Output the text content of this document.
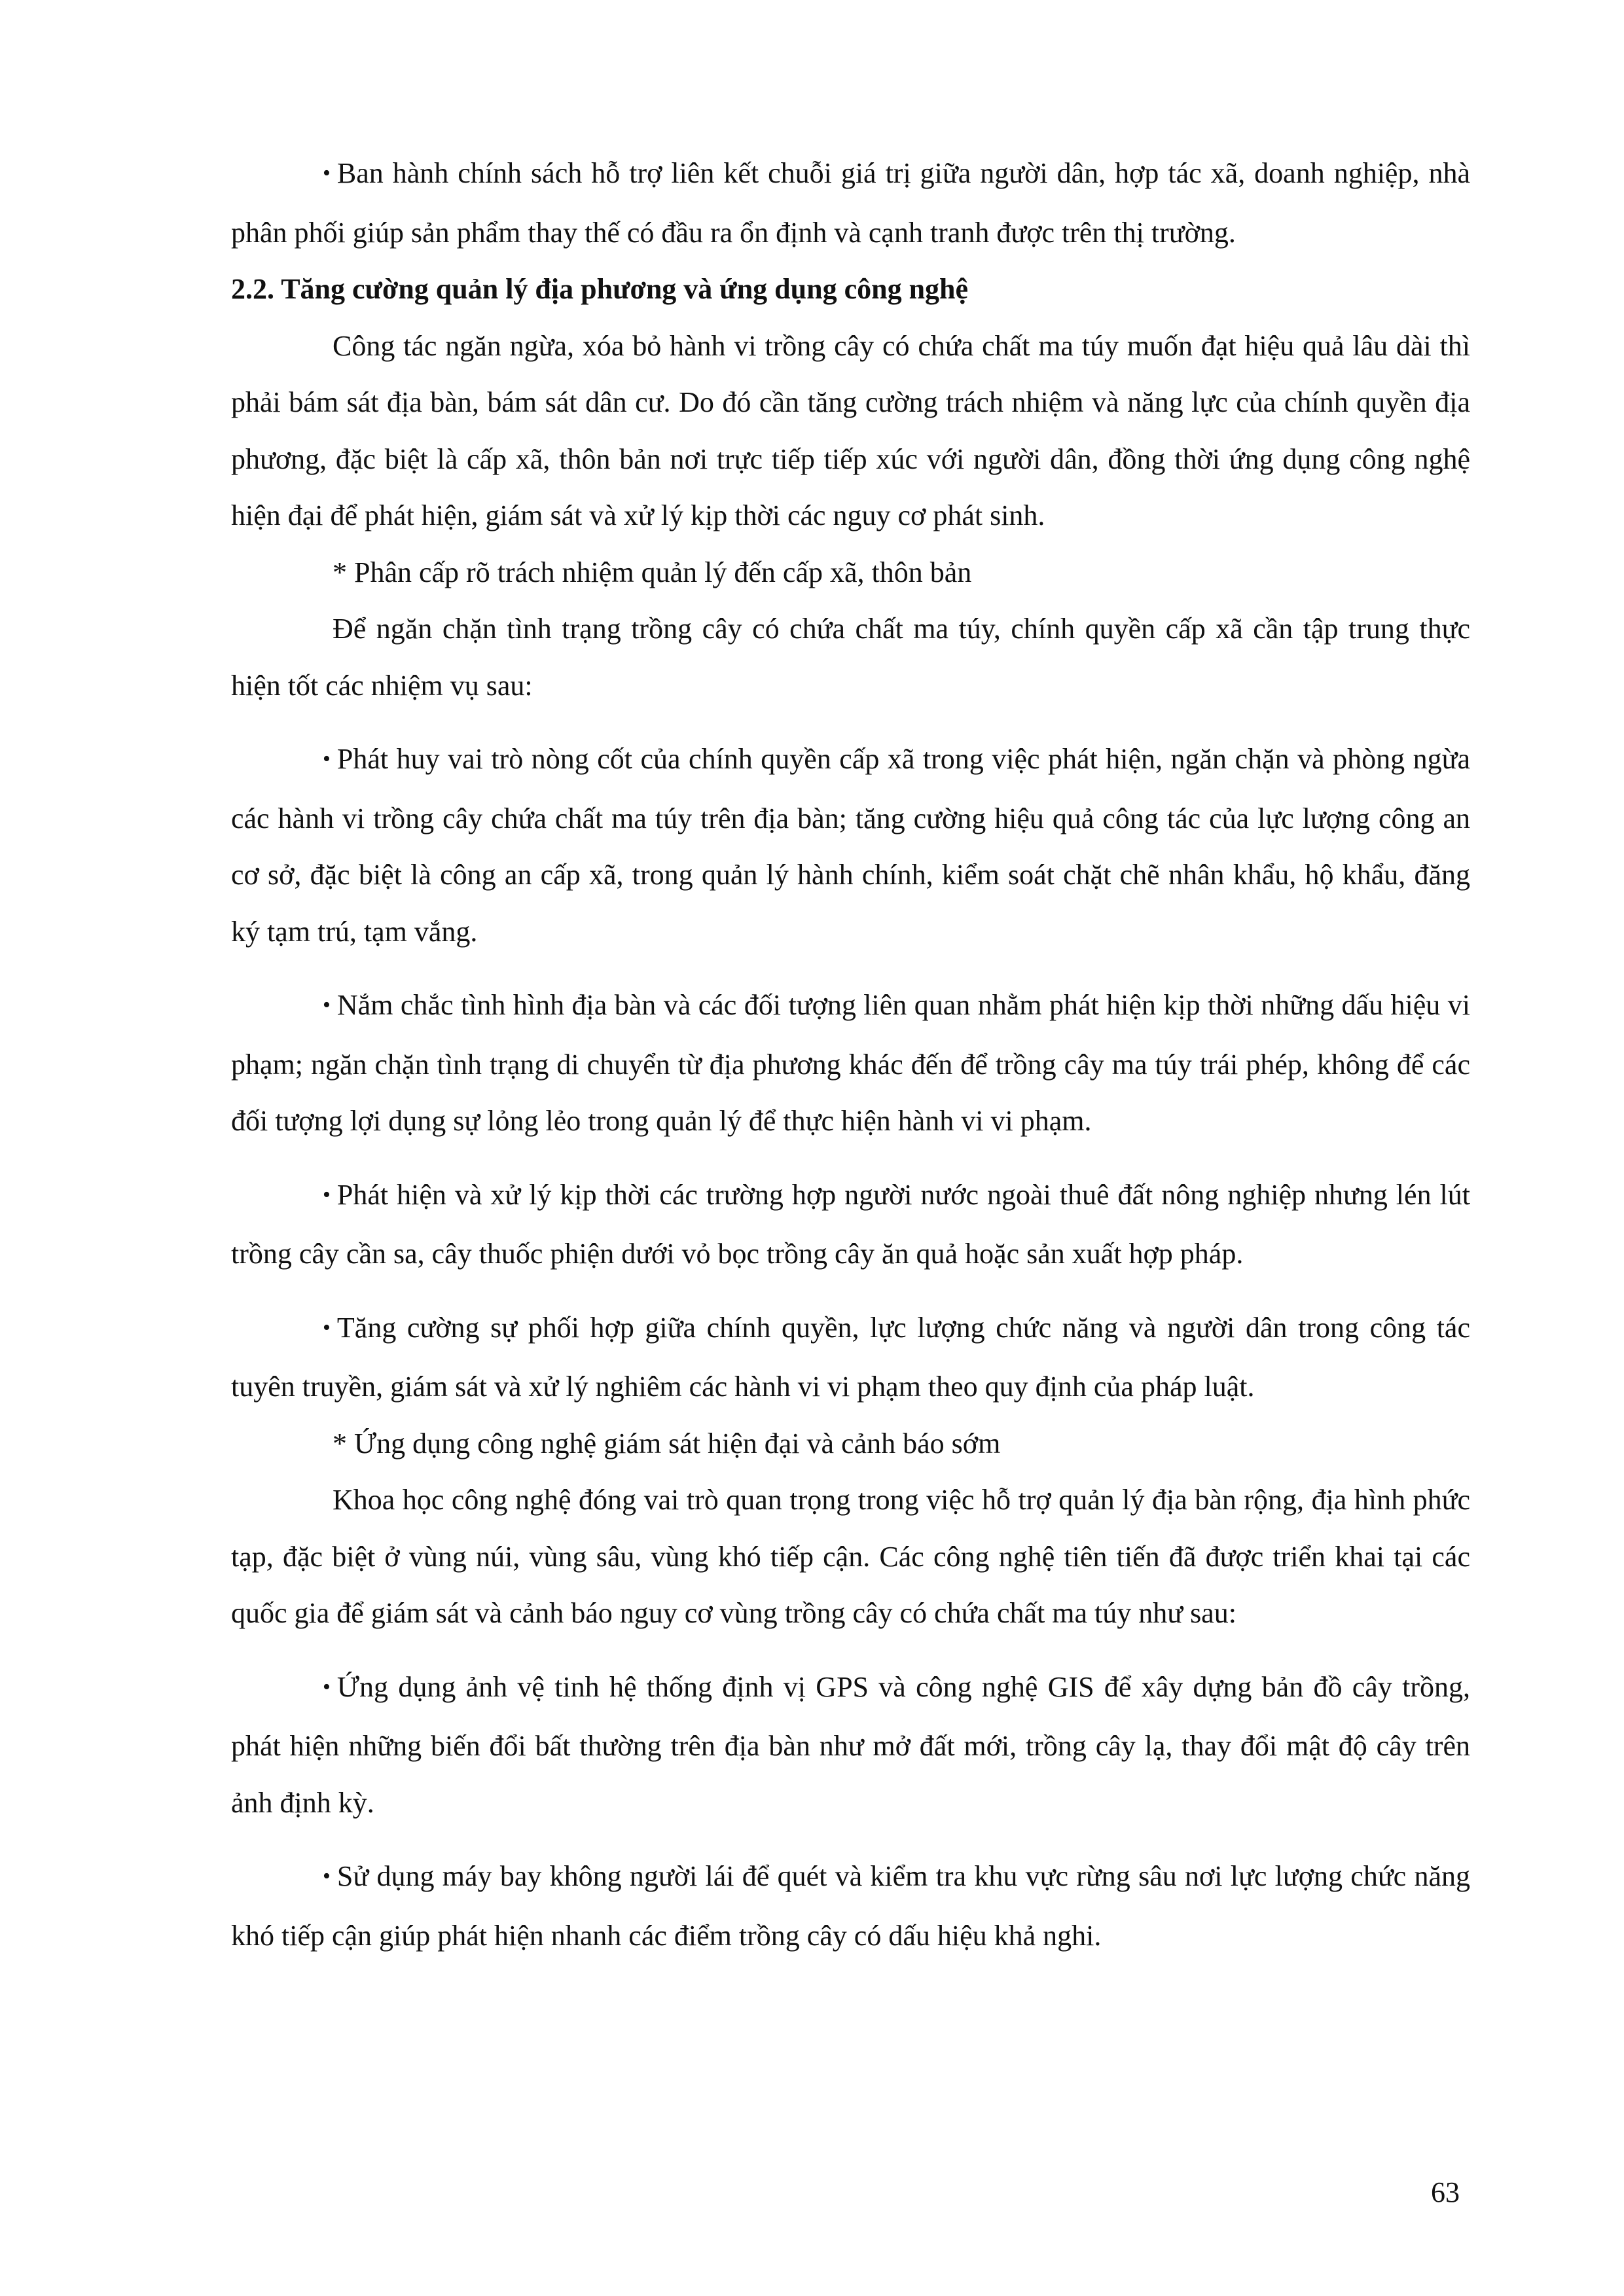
• Ban hành chính sách hỗ trợ liên kết chuỗi giá trị giữa người dân, hợp tác xã, doanh nghiệp, nhà phân phối giúp sản phẩm thay thế có đầu ra ổn định và cạnh tranh được trên thị trường.

2.2. Tăng cường quản lý địa phương và ứng dụng công nghệ

Công tác ngăn ngừa, xóa bỏ hành vi trồng cây có chứa chất ma túy muốn đạt hiệu quả lâu dài thì phải bám sát địa bàn, bám sát dân cư. Do đó cần tăng cường trách nhiệm và năng lực của chính quyền địa phương, đặc biệt là cấp xã, thôn bản nơi trực tiếp tiếp xúc với người dân, đồng thời ứng dụng công nghệ hiện đại để phát hiện, giám sát và xử lý kịp thời các nguy cơ phát sinh.

* Phân cấp rõ trách nhiệm quản lý đến cấp xã, thôn bản

Để ngăn chặn tình trạng trồng cây có chứa chất ma túy, chính quyền cấp xã cần tập trung thực hiện tốt các nhiệm vụ sau:

• Phát huy vai trò nòng cốt của chính quyền cấp xã trong việc phát hiện, ngăn chặn và phòng ngừa các hành vi trồng cây chứa chất ma túy trên địa bàn; tăng cường hiệu quả công tác của lực lượng công an cơ sở, đặc biệt là công an cấp xã, trong quản lý hành chính, kiểm soát chặt chẽ nhân khẩu, hộ khẩu, đăng ký tạm trú, tạm vắng.

• Nắm chắc tình hình địa bàn và các đối tượng liên quan nhằm phát hiện kịp thời những dấu hiệu vi phạm; ngăn chặn tình trạng di chuyển từ địa phương khác đến để trồng cây ma túy trái phép, không để các đối tượng lợi dụng sự lỏng lẻo trong quản lý để thực hiện hành vi vi phạm.

• Phát hiện và xử lý kịp thời các trường hợp người nước ngoài thuê đất nông nghiệp nhưng lén lút trồng cây cần sa, cây thuốc phiện dưới vỏ bọc trồng cây ăn quả hoặc sản xuất hợp pháp.

• Tăng cường sự phối hợp giữa chính quyền, lực lượng chức năng và người dân trong công tác tuyên truyền, giám sát và xử lý nghiêm các hành vi vi phạm theo quy định của pháp luật.

* Ứng dụng công nghệ giám sát hiện đại và cảnh báo sớm

Khoa học công nghệ đóng vai trò quan trọng trong việc hỗ trợ quản lý địa bàn rộng, địa hình phức tạp, đặc biệt ở vùng núi, vùng sâu, vùng khó tiếp cận. Các công nghệ tiên tiến đã được triển khai tại các quốc gia để giám sát và cảnh báo nguy cơ vùng trồng cây có chứa chất ma túy như sau:

• Ứng dụng ảnh vệ tinh hệ thống định vị GPS và công nghệ GIS để xây dựng bản đồ cây trồng, phát hiện những biến đổi bất thường trên địa bàn như mở đất mới, trồng cây lạ, thay đổi mật độ cây trên ảnh định kỳ.

• Sử dụng máy bay không người lái để quét và kiểm tra khu vực rừng sâu nơi lực lượng chức năng khó tiếp cận giúp phát hiện nhanh các điểm trồng cây có dấu hiệu khả nghi.

63
